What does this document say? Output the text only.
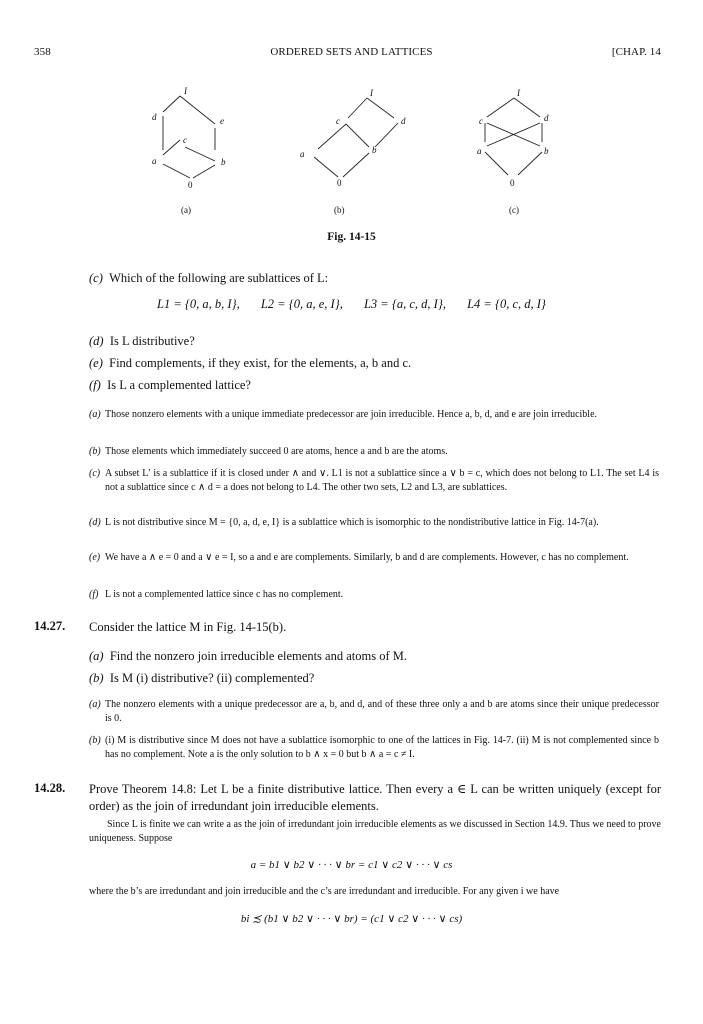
358	ORDERED SETS AND LATTICES	[CHAP. 14
I
d	e
c
a	b
0
(a)
I
c	d
a	b
0
(b)
I
c	d
a	b
0
(c)
Fig. 14-15
(c) Which of the following are sublattices of L:
L1 = {0, a, b, I}, L2 = {0, a, e, I}, L3 = {a, c, d, I}, L4 = {0, c, d, I}
(d) Is L distributive?
(e) Find complements, if they exist, for the elements, a, b and c.
(f) Is L a complemented lattice?
(a) Those nonzero elements with a unique immediate predecessor are join irreducible. Hence a, b, d, and e are join irreducible.
(b) Those elements which immediately succeed 0 are atoms, hence a and b are the atoms.
(c) A subset L′ is a sublattice if it is closed under ∧ and ∨. L1 is not a sublattice since a ∨ b = c, which does not belong to L1. The set L4 is not a sublattice since c ∧ d = a does not belong to L4. The other two sets, L2 and L3, are sublattices.
(d) L is not distributive since M = {0, a, d, e, I} is a sublattice which is isomorphic to the nondistributive lattice in Fig. 14-7(a).
(e) We have a ∧ e = 0 and a ∨ e = I, so a and e are complements. Similarly, b and d are complements. However, c has no complement.
(f) L is not a complemented lattice since c has no complement.
14.27. Consider the lattice M in Fig. 14-15(b).
(a) Find the nonzero join irreducible elements and atoms of M.
(b) Is M (i) distributive? (ii) complemented?
(a) The nonzero elements with a unique predecessor are a, b, and d, and of these three only a and b are atoms since their unique predecessor is 0.
(b) (i) M is distributive since M does not have a sublattice isomorphic to one of the lattices in Fig. 14-7. (ii) M is not complemented since b has no complement. Note a is the only solution to b ∧ x = 0 but b ∧ a = c ≠ I.
14.28. Prove Theorem 14.8: Let L be a finite distributive lattice. Then every a ∈ L can be written uniquely (except for order) as the join of irredundant join irreducible elements.
Since L is finite we can write a as the join of irredundant join irreducible elements as we discussed in Section 14.9. Thus we need to prove uniqueness. Suppose
a = b1 ∨ b2 ∨ · · · ∨ br = c1 ∨ c2 ∨ · · · ∨ cs
where the b’s are irredundant and join irreducible and the c’s are irredundant and irreducible. For any given i we have
bi ≾ (b1 ∨ b2 ∨ · · · ∨ br) = (c1 ∨ c2 ∨ · · · ∨ cs)
